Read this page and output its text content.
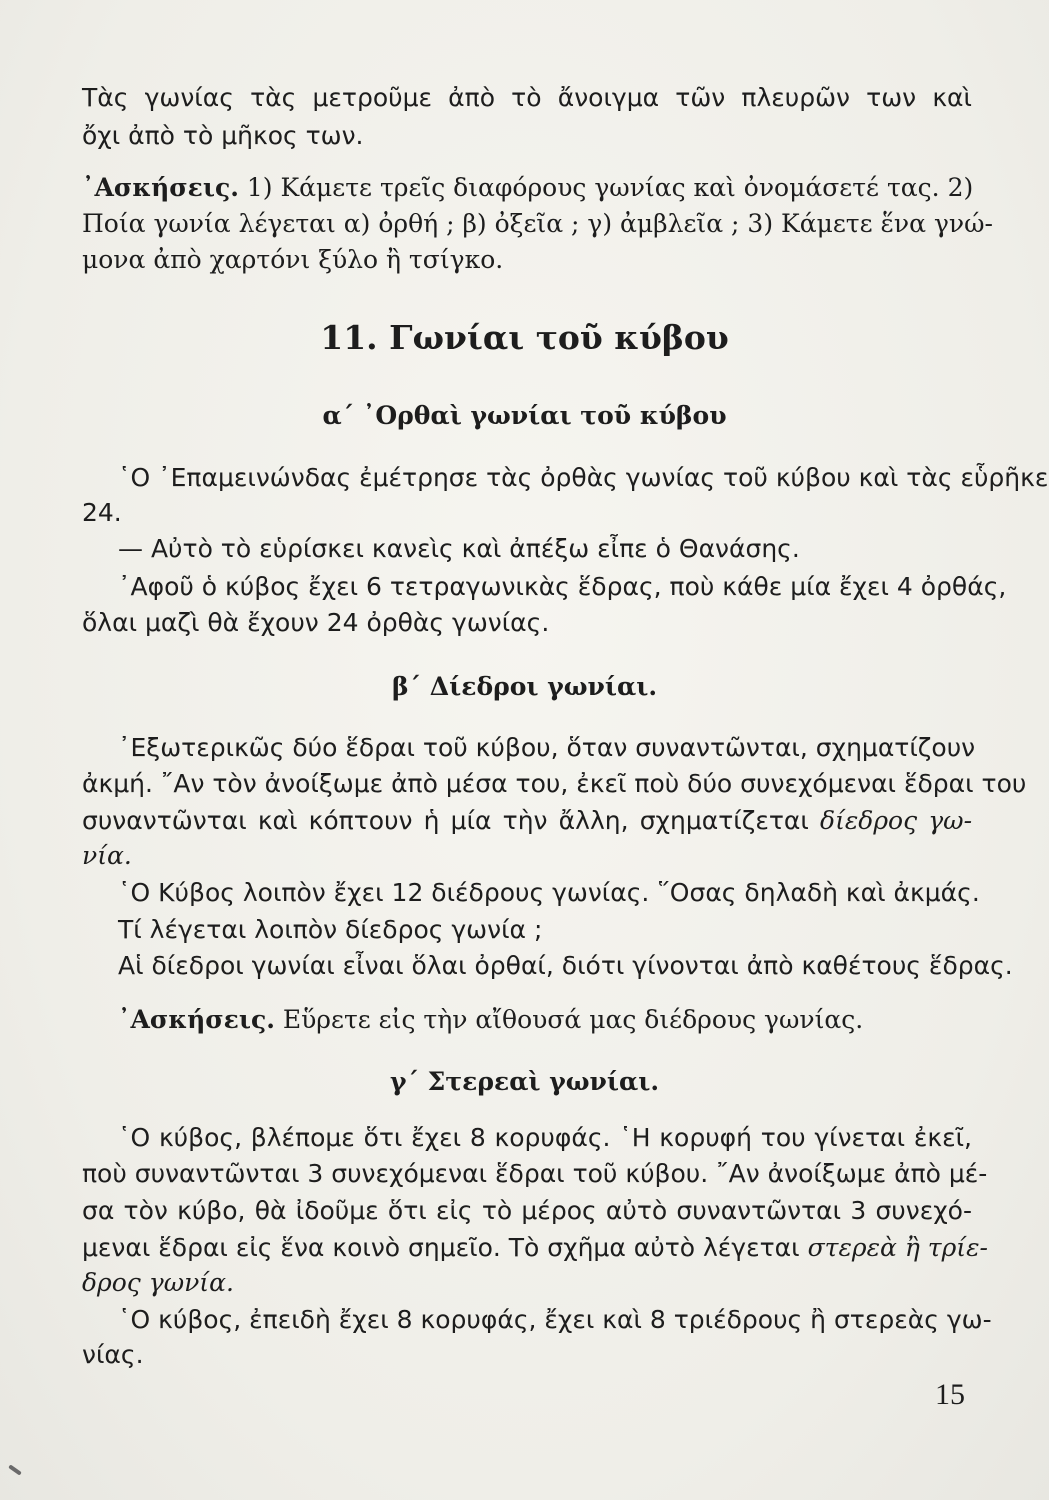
Τὰς γωνίας τὰς μετροῦμε ἀπὸ τὸ ἄνοιγμα τῶν πλευρῶν των καὶ
ὄχι ἀπὸ τὸ μῆκος των.
᾿Ασκήσεις. 1) Κάμετε τρεῖς διαφόρους γωνίας καὶ ὀνομάσετέ τας. 2)
Ποία γωνία λέγεται α) ὀρθή ; β) ὀξεῖα ; γ) ἀμβλεῖα ; 3) Κάμετε ἕνα γνώ-
μονα ἀπὸ χαρτόνι ξύλο ἢ τσίγκο.
11. Γωνίαι τοῦ κύβου
α΄ ᾿Ορθαὶ γωνίαι τοῦ κύβου
῾Ο ᾿Επαμεινώνδας ἐμέτρησε τὰς ὀρθὰς γωνίας τοῦ κύβου καὶ τὰς εὗρῆκε
24.
— Αὐτὸ τὸ εὑρίσκει κανεὶς καὶ ἀπέξω εἶπε ὁ Θανάσης.
᾿Αφοῦ ὁ κύβος ἔχει 6 τετραγωνικὰς ἕδρας, ποὺ κάθε μία ἔχει 4 ὀρθάς,
ὅλαι μαζὶ θὰ ἔχουν 24 ὀρθὰς γωνίας.
β΄ Δίεδροι γωνίαι.
᾿Εξωτερικῶς δύο ἕδραι τοῦ κύβου, ὅταν συναντῶνται, σχηματίζουν
ἀκμή. ῎Αν τὸν ἀνοίξωμε ἀπὸ μέσα του, ἐκεῖ ποὺ δύο συνεχόμεναι ἕδραι του
συναντῶνται καὶ κόπτουν ἡ μία τὴν ἄλλη, σχηματίζεται δίεδρος γω-
νία.
῾Ο Κύβος λοιπὸν ἔχει 12 διέδρους γωνίας. ῞Οσας δηλαδὴ καὶ ἀκμάς.
Τί λέγεται λοιπὸν δίεδρος γωνία ;
Αἱ δίεδροι γωνίαι εἶναι ὅλαι ὀρθαί, διότι γίνονται ἀπὸ καθέτους ἕδρας.
᾿Ασκήσεις. Εὕρετε εἰς τὴν αἴθουσά μας διέδρους γωνίας.
γ΄ Στερεαὶ γωνίαι.
῾Ο κύβος, βλέπομε ὅτι ἔχει 8 κορυφάς. ῾Η κορυφή του γίνεται ἐκεῖ,
ποὺ συναντῶνται 3 συνεχόμεναι ἕδραι τοῦ κύβου. ῎Αν ἀνοίξωμε ἀπὸ μέ-
σα τὸν κύβο, θὰ ἰδοῦμε ὅτι εἰς τὸ μέρος αὐτὸ συναντῶνται 3 συνεχό-
μεναι ἕδραι εἰς ἕνα κοινὸ σημεῖο. Τὸ σχῆμα αὐτὸ λέγεται στερεὰ ἢ τρίε-
δρος γωνία.
῾Ο κύβος, ἐπειδὴ ἔχει 8 κορυφάς, ἔχει καὶ 8 τριέδρους ἢ στερεὰς γω-
νίας.
15
